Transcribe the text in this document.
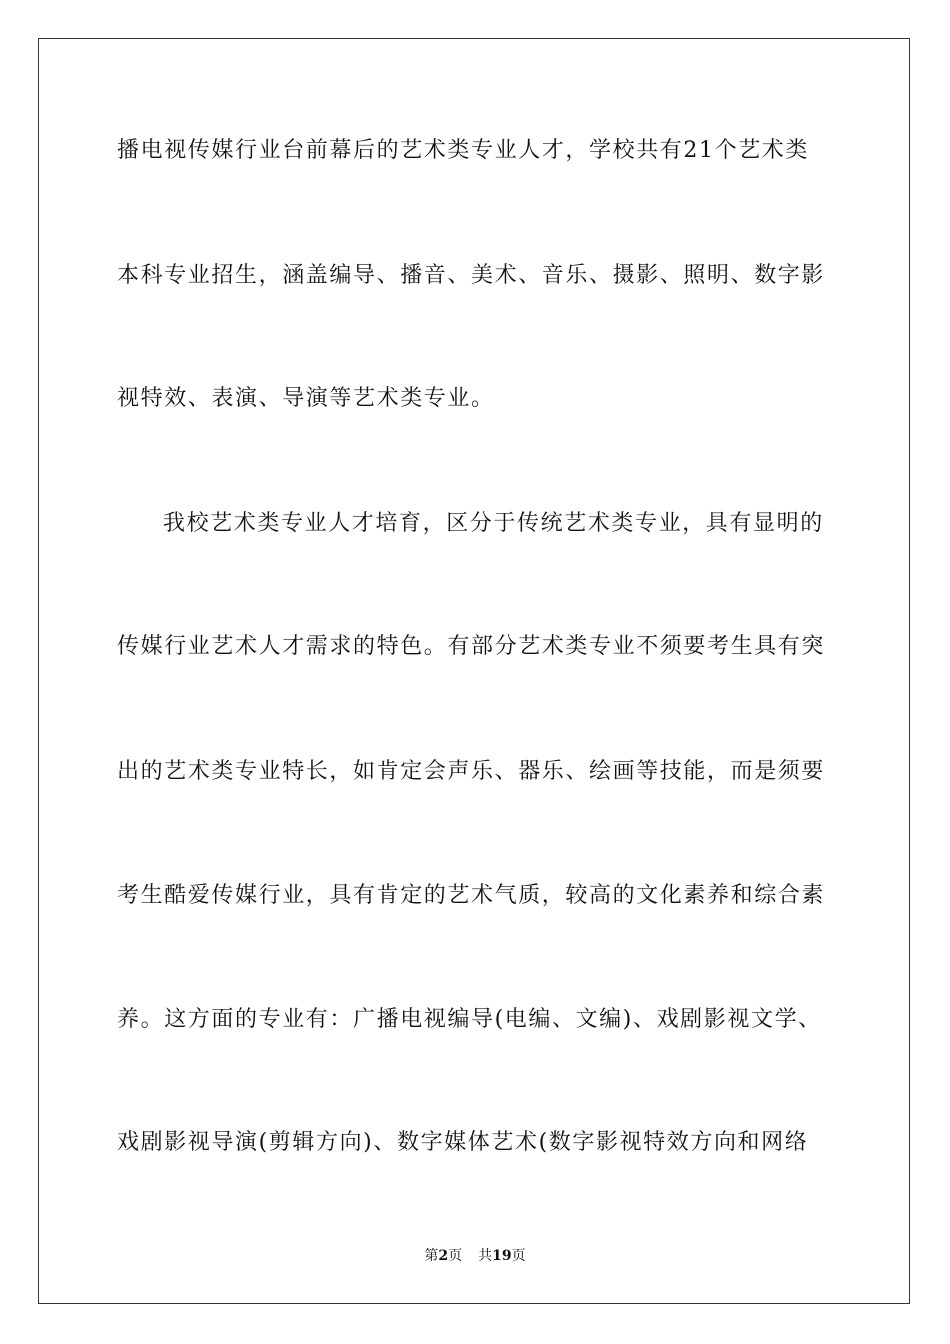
播电视传媒行业台前幕后的艺术类专业人才，学校共有21个艺术类
本科专业招生，涵盖编导、播音、美术、音乐、摄影、照明、数字影
视特效、表演、导演等艺术类专业。
我校艺术类专业人才培育，区分于传统艺术类专业，具有显明的
传媒行业艺术人才需求的特色。有部分艺术类专业不须要考生具有突
出的艺术类专业特长，如肯定会声乐、器乐、绘画等技能，而是须要
考生酷爱传媒行业，具有肯定的艺术气质，较高的文化素养和综合素
养。这方面的专业有：广播电视编导(电编、文编)、戏剧影视文学、
戏剧影视导演(剪辑方向)、数字媒体艺术(数字影视特效方向和网络
第2页 共19页
